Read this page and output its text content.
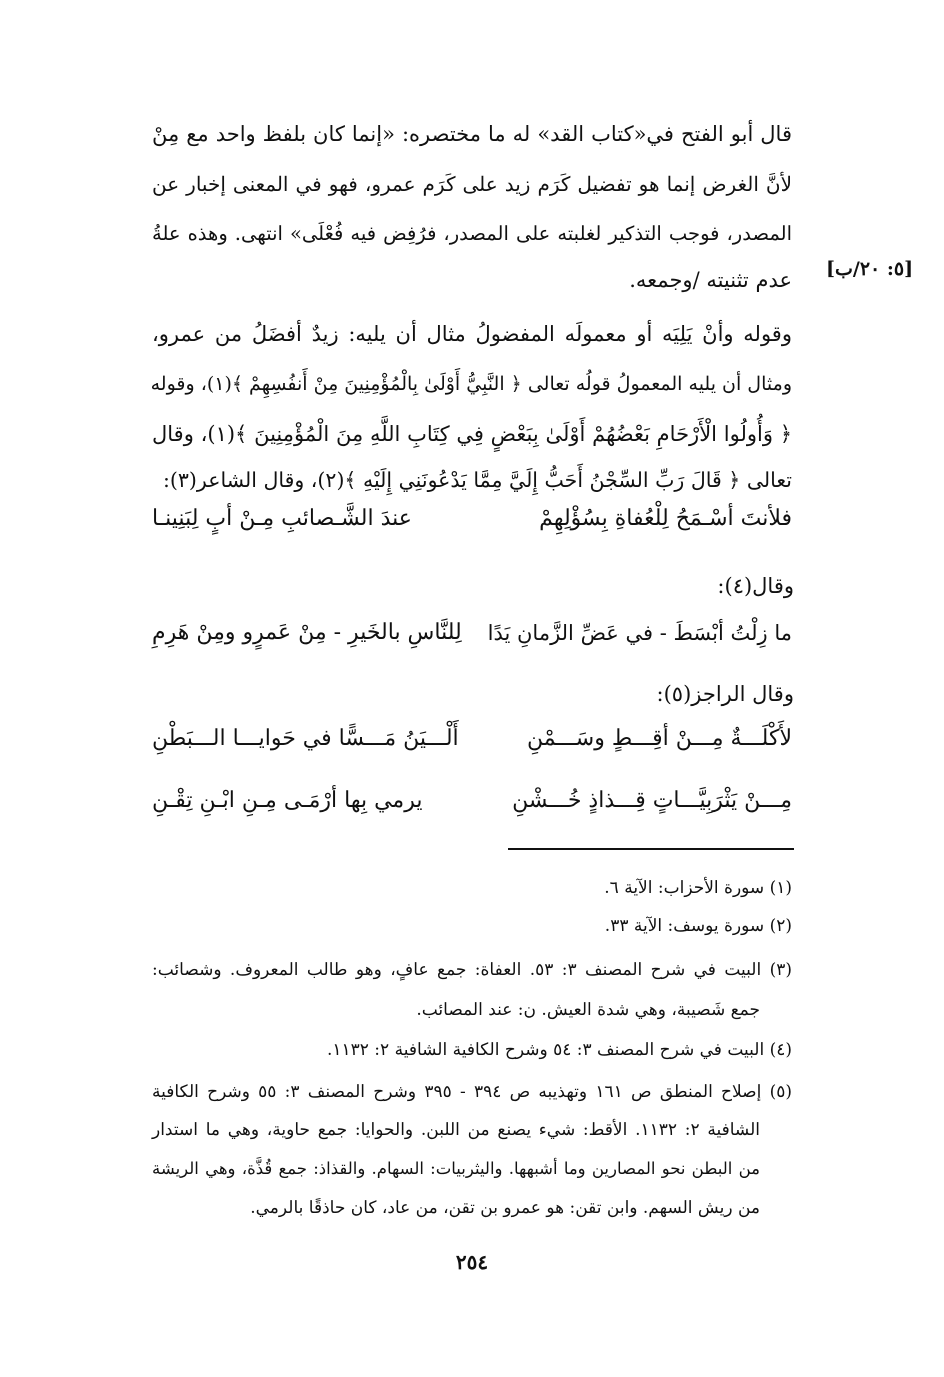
قال أبو الفتح في«كتاب القد» له ما مختصره: «إنما كان بلفظ واحد مع مِنْ
لأنَّ الغرض إنما هو تفضيل كَرَم زيد على كَرَم عمرو، فهو في المعنى إخبار عن
المصدر، فوجب التذكير لغلبته على المصدر، فرُفِض فيه فُعْلَى» انتهى. وهذه علةُ
عدم تثنيته /وجمعه. [٥: ٢٠/ب]
وقوله وأنْ يَلِيَه أو معمولَه المفضولُ مثال أن يليه: زيدٌ أفضَلُ من عمرو،
ومثال أن يليه المعمولُ قولُه تعالى ﴿ النَّبِيُّ أَوْلَىٰ بِالْمُؤْمِنِينَ مِنْ أَنفُسِهِمْ ﴾(١)، وقوله
﴿ وَأُولُوا الْأَرْحَامِ بَعْضُهُمْ أَوْلَىٰ بِبَعْضٍ فِي كِتَابِ اللَّهِ مِنَ الْمُؤْمِنِينَ ﴾(١)، وقال
تعالى ﴿ قَالَ رَبِّ السِّجْنُ أَحَبُّ إِلَيَّ مِمَّا يَدْعُونَنِي إِلَيْهِ ﴾(٢)، وقال الشاعر(٣):
فلأنتَ أسْـمَحُ لِلْعُفاةِ بِسُؤْلِهِمْ
عندَ الشَّـصائبِ مِـنْ أبٍ لِبَنِينـا
وقال(٤):
ما زِلْتُ أبْسَطَ - في عَضِّ الزَّمانِ يَدًا
لِلنَّاسِ بالخَيرِ - مِنْ عَمرٍو ومِنْ هَرِمِ
وقال الراجز(٥):
لأَكْلَـــةٌ مِـــنْ أقِـــطٍ وسَـــمْنِ
أَلْـــيَنُ مَـــسًّا في حَوايـــا الـــبَطْنِ
مِـــنْ يَثْرَبِيَّـــاتٍ قِـــذاذٍ خُـــشْنِ
يرمي بِها أرْمَـى مِـنِ ابْـنِ تِقْـنِ
(١) سورة الأحزاب: الآية ٦.
(٢) سورة يوسف: الآية ٣٣.
(٣) البيت في شرح المصنف ٣: ٥٣. العفاة: جمع عافٍ، وهو طالب المعروف. وشصائب:
جمع شَصيبة، وهي شدة العيش. ن: عند المصائب.
(٤) البيت في شرح المصنف ٣: ٥٤ وشرح الكافية الشافية ٢: ١١٣٢.
(٥) إصلاح المنطق ص ١٦١ وتهذيبه ص ٣٩٤ - ٣٩٥ وشرح المصنف ٣: ٥٥ وشرح الكافية
الشافية ٢: ١١٣٢. الأقط: شيء يصنع من اللبن. والحوايا: جمع حاوية، وهي ما استدار
من البطن نحو المصارين وما أشبهها. واليثربيات: السهام. والقذاذ: جمع قُذَّة، وهي الريشة
من ريش السهم. وابن تقن: هو عمرو بن تقن، من عاد، كان حاذقًا بالرمي.
٢٥٤
